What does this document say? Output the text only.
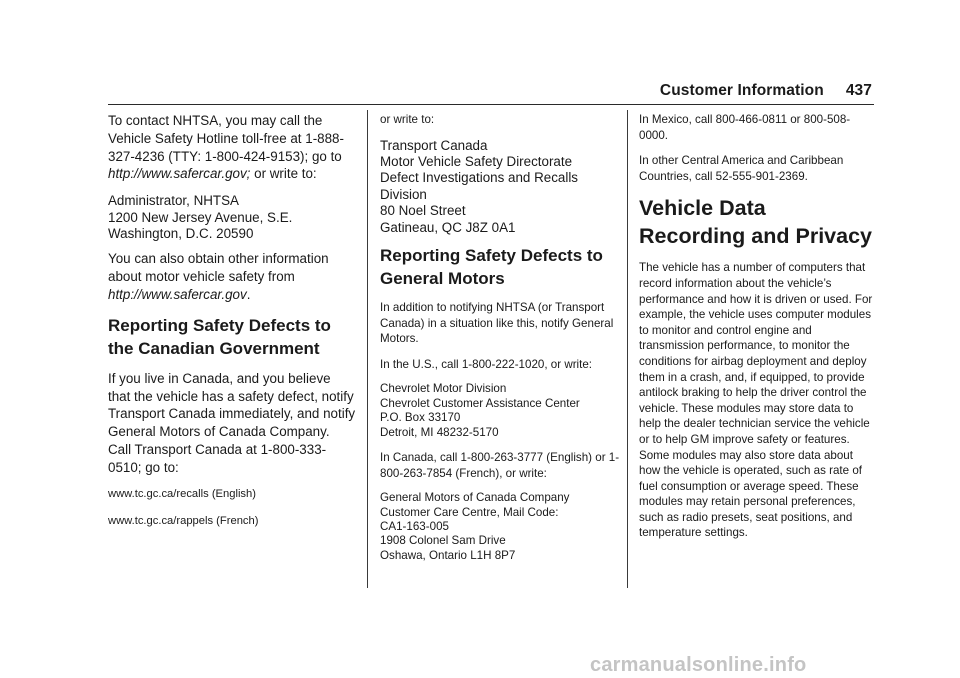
Customer Information 437

To contact NHTSA, you may call the Vehicle Safety Hotline toll-free at 1-888-327-4236 (TTY: 1-800-424-9153); go to http://www.safercar.gov; or write to:

Administrator, NHTSA
1200 New Jersey Avenue, S.E.
Washington, D.C. 20590

You can also obtain other information about motor vehicle safety from
http://www.safercar.gov.

Reporting Safety Defects to the Canadian Government

If you live in Canada, and you believe that the vehicle has a safety defect, notify Transport Canada immediately, and notify General Motors of Canada Company. Call Transport Canada at 1-800-333-0510; go to:

www.tc.gc.ca/recalls (English)

www.tc.gc.ca/rappels (French)

or write to:

Transport Canada
Motor Vehicle Safety Directorate
Defect Investigations and Recalls
Division
80 Noel Street
Gatineau, QC J8Z 0A1

Reporting Safety Defects to General Motors

In addition to notifying NHTSA (or Transport Canada) in a situation like this, notify General Motors.

In the U.S., call 1-800-222-1020, or write:

Chevrolet Motor Division
Chevrolet Customer Assistance Center
P.O. Box 33170
Detroit, MI 48232-5170

In Canada, call 1-800-263-3777 (English) or 1-800-263-7854 (French), or write:

General Motors of Canada Company
Customer Care Centre, Mail Code:
CA1-163-005
1908 Colonel Sam Drive
Oshawa, Ontario L1H 8P7

In Mexico, call 800-466-0811 or 800-508-0000.

In other Central America and Caribbean Countries, call 52-555-901-2369.

Vehicle Data Recording and Privacy

The vehicle has a number of computers that record information about the vehicle’s performance and how it is driven or used. For example, the vehicle uses computer modules to monitor and control engine and transmission performance, to monitor the conditions for airbag deployment and deploy them in a crash, and, if equipped, to provide antilock braking to help the driver control the vehicle. These modules may store data to help the dealer technician service the vehicle or to help GM improve safety or features. Some modules may also store data about how the vehicle is operated, such as rate of fuel consumption or average speed. These modules may retain personal preferences, such as radio presets, seat positions, and temperature settings.

carmanualsonline.info
